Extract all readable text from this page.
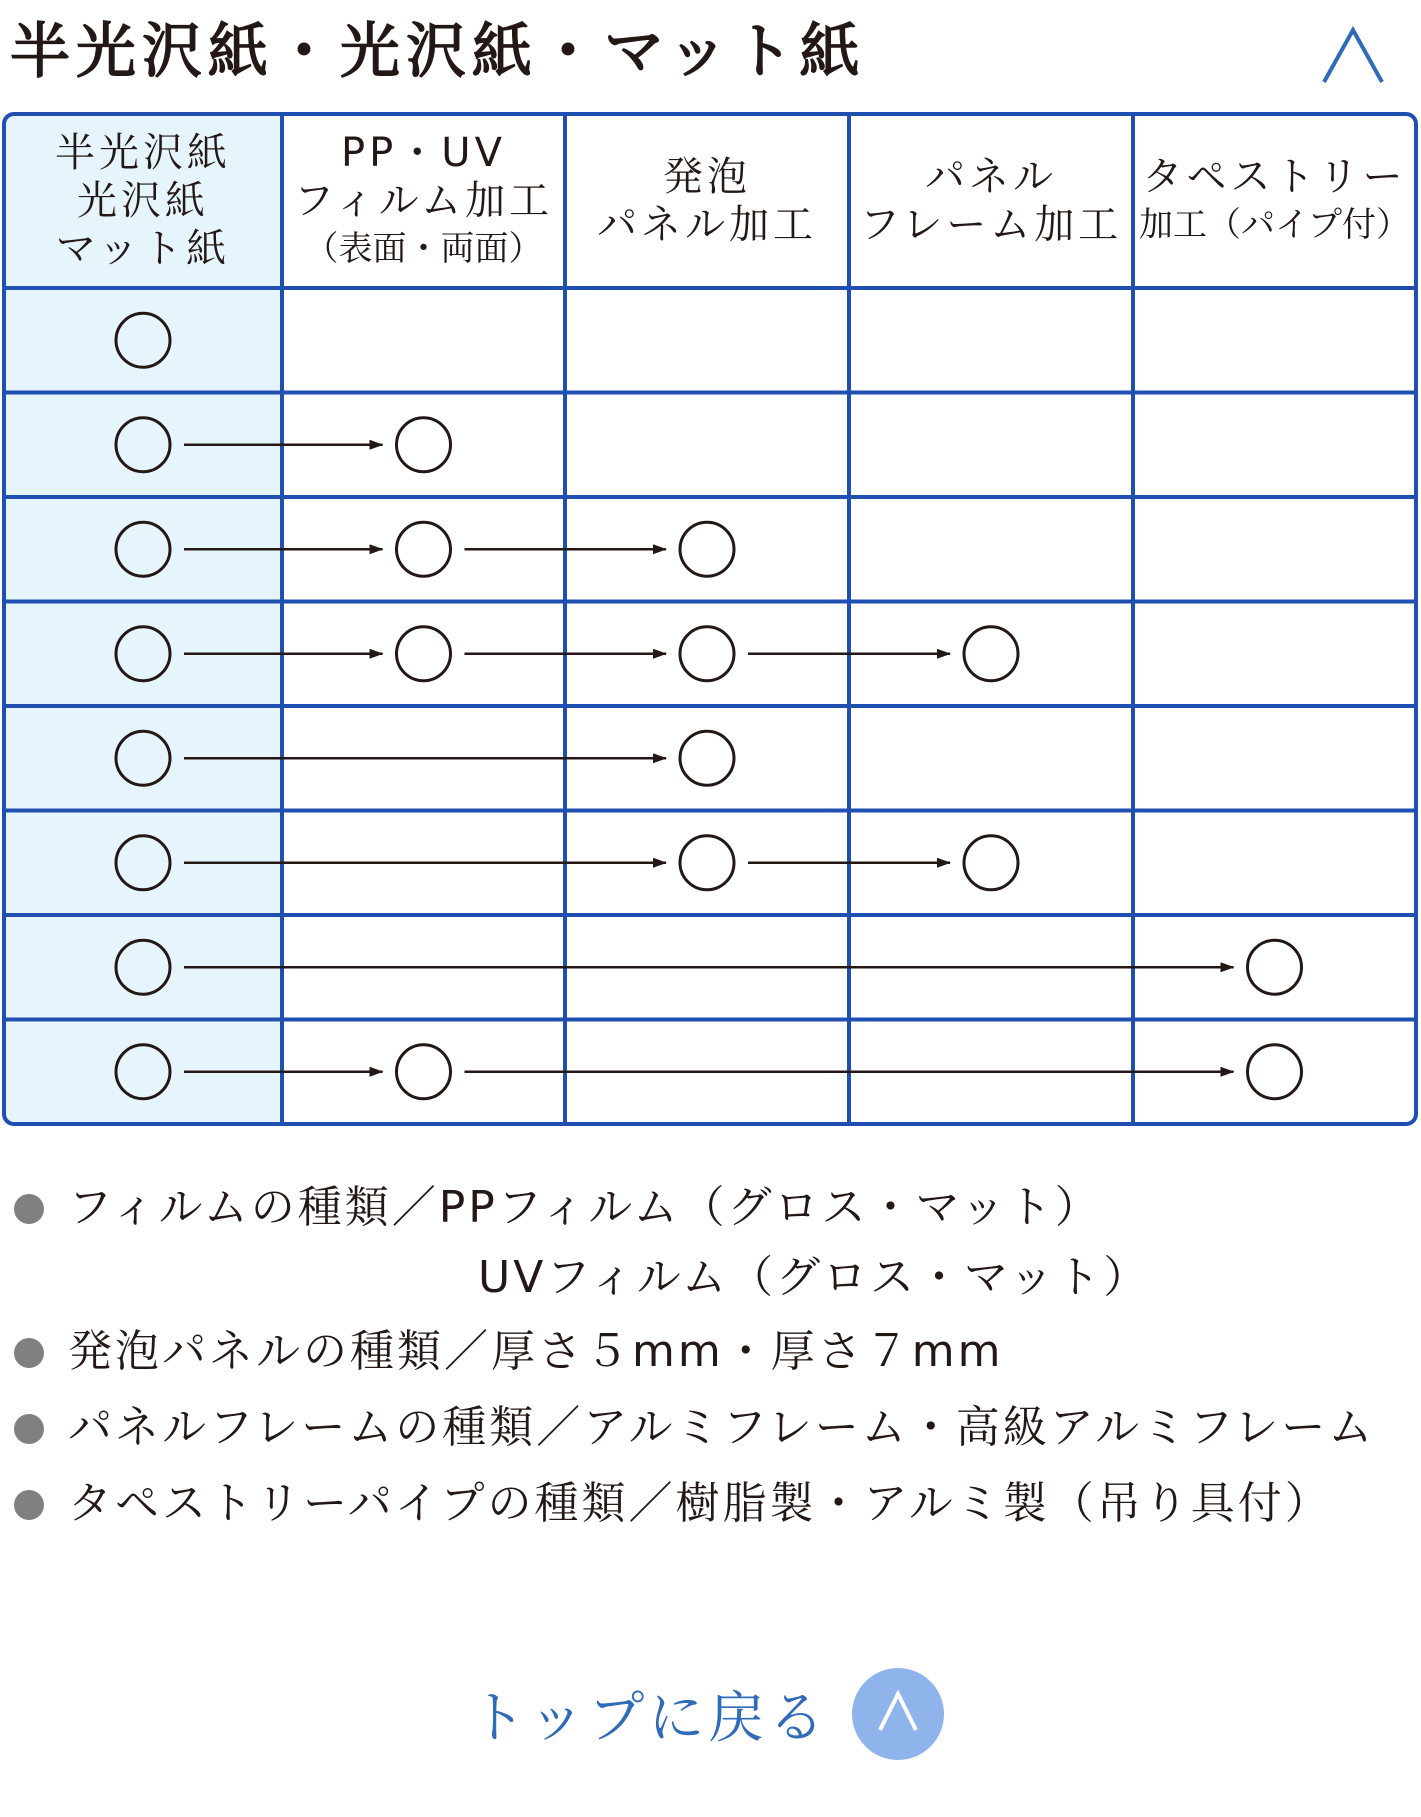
半光沢紙・光沢紙・マット紙
半光沢紙
光沢紙
マット紙
PP・UV
フィルム加工
（表面・両面）
発泡
パネル加工
パネル
フレーム加工
タペストリー
加工（パイプ付）
フィルムの種類／PPフィルム（グロス・マット）
UVフィルム（グロス・マット）
発泡パネルの種類／厚さ５mm・厚さ７mm
パネルフレームの種類／アルミフレーム・高級アルミフレーム
タペストリーパイプの種類／樹脂製・アルミ製（吊り具付）
トップに戻る
